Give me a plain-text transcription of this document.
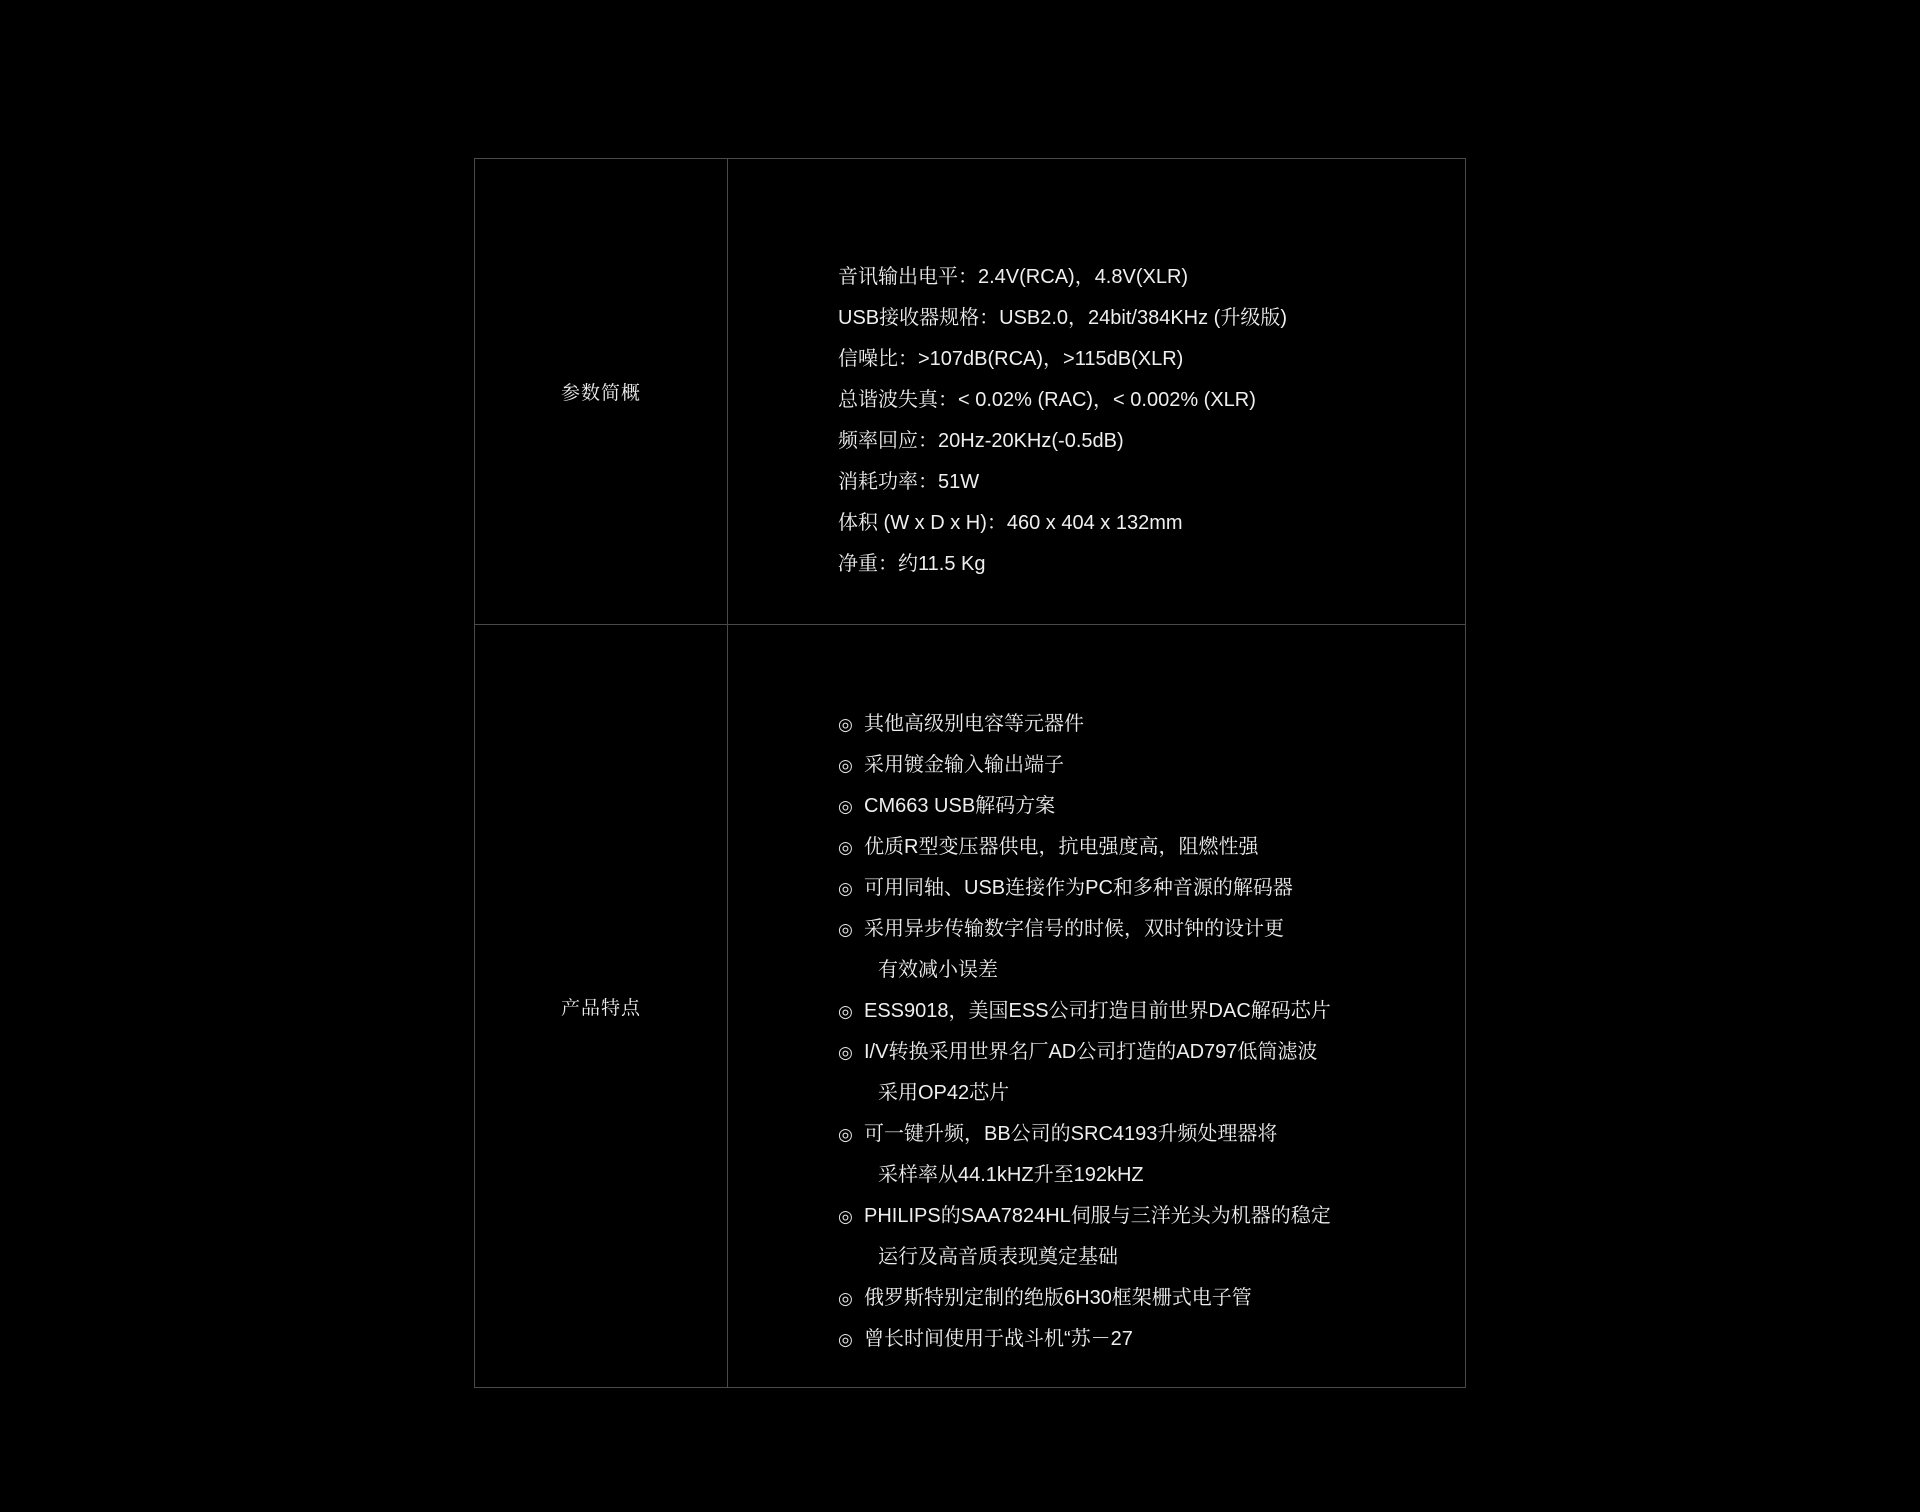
参数简概	
音讯输出电平：2.4V(RCA)，4.8V(XLR)
USB接收器规格：USB2.0，24bit/384KHz (升级版)
信噪比：>107dB(RCA)，>115dB(XLR)
总谐波失真：< 0.02% (RAC)，< 0.002% (XLR)
频率回应：20Hz-20KHz(-0.5dB)
消耗功率：51W
体积 (W x D x H)：460 x 404 x 132mm
净重：约11.5 Kg

产品特点	
◎ 其他高级别电容等元器件
◎ 采用镀金输入输出端子
◎ CM663 USB解码方案
◎ 优质R型变压器供电，抗电强度高，阻燃性强
◎ 可用同轴、USB连接作为PC和多种音源的解码器
◎ 采用异步传输数字信号的时候，双时钟的设计更
有效减小误差
◎ ESS9018，美国ESS公司打造目前世界DAC解码芯片
◎ I/V转换采用世界名厂AD公司打造的AD797低筒滤波
采用OP42芯片
◎ 可一键升频，BB公司的SRC4193升频处理器将
采样率从44.1kHZ升至192kHZ
◎ PHILIPS的SAA7824HL伺服与三洋光头为机器的稳定
运行及高音质表现奠定基础
◎ 俄罗斯特别定制的绝版6H30框架栅式电子管
◎ 曾长时间使用于战斗机“苏－27
